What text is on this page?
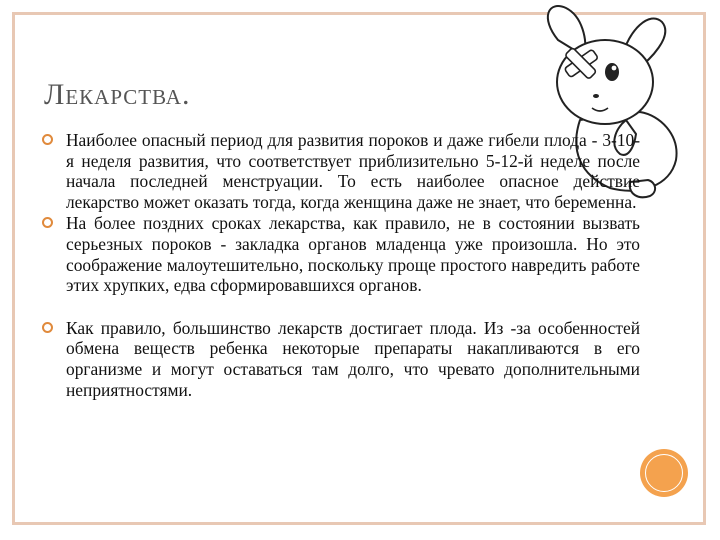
Лекарства.
Наиболее опасный период для развития пороков и даже гибели плода - 3-10-я неделя развития, что соответствует приблизительно 5-12-й неделе после начала последней менструации. То есть наиболее опасное действие лекарство может оказать тогда, когда женщина даже не знает, что беременна.
На более поздних сроках лекарства, как правило, не в состоянии вызвать серьезных пороков - закладка органов младенца уже произошла. Но это соображение малоутешительно, поскольку проще простого навредить работе этих хрупких, едва сформировавшихся органов.
Как правило, большинство лекарств достигает плода. Из -за особенностей обмена веществ ребенка некоторые препараты накапливаются в его организме и могут оставаться там долго, что чревато дополнительными неприятностями.
